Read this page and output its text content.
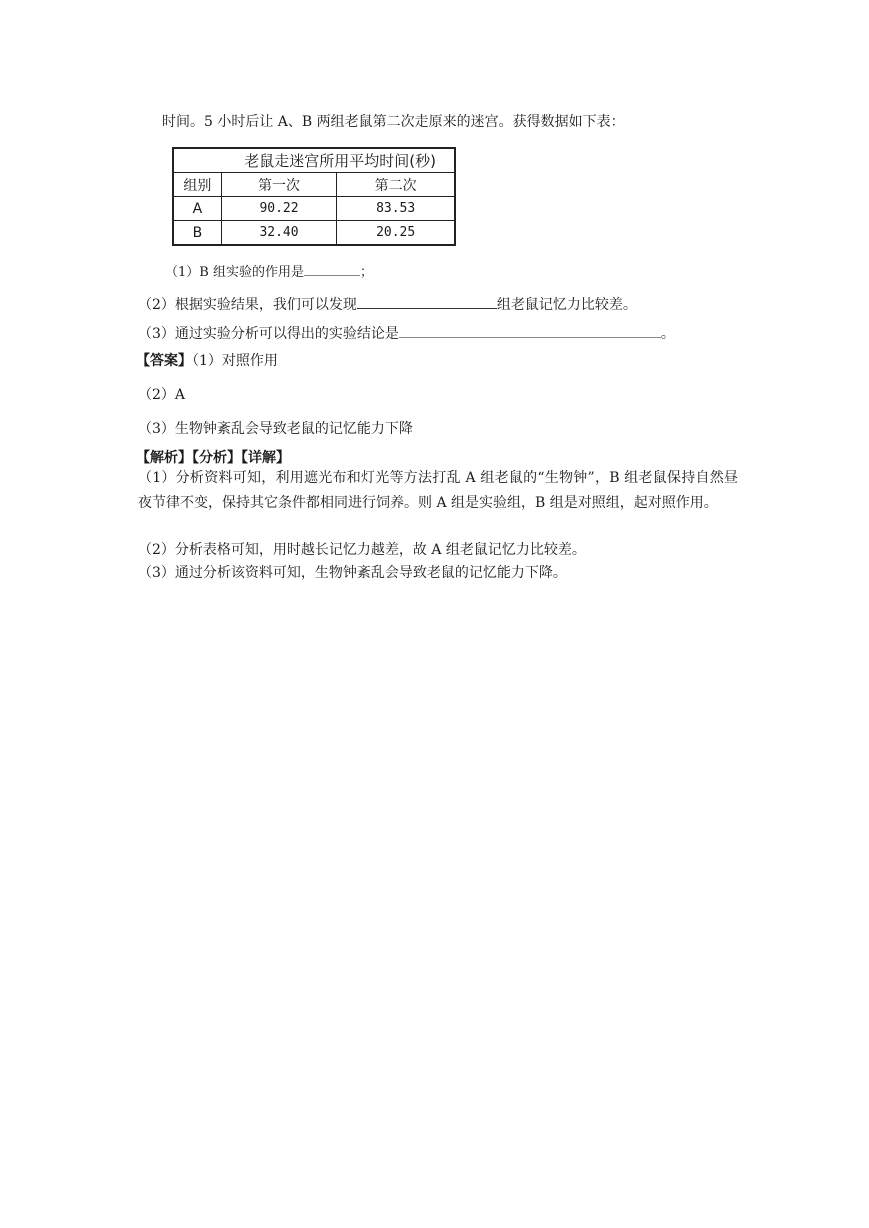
时间。5 小时后让 A、B 两组老鼠第二次走原来的迷宫。获得数据如下表：
老鼠走迷宫所用平均时间(秒)		
组别	第一次	第二次
A	90.22	83.53
B	32.40	20.25
（1）B 组实验的作用是	；
（2）根据实验结果，我们可以发现	组老鼠记忆力比较差。
（3）通过实验分析可以得出的实验结论是	。
【答案】（1）对照作用
（2）A
（3）生物钟紊乱会导致老鼠的记忆能力下降
【解析】【分析】【详解】
（1）分析资料可知，利用遮光布和灯光等方法打乱 A 组老鼠的“生物钟”，B 组老鼠保持自然昼夜节律不变，保持其它条件都相同进行饲养。则 A 组是实验组，B 组是对照组，起对照作用。
（2）分析表格可知，用时越长记忆力越差，故 A 组老鼠记忆力比较差。
（3）通过分析该资料可知，生物钟紊乱会导致老鼠的记忆能力下降。
